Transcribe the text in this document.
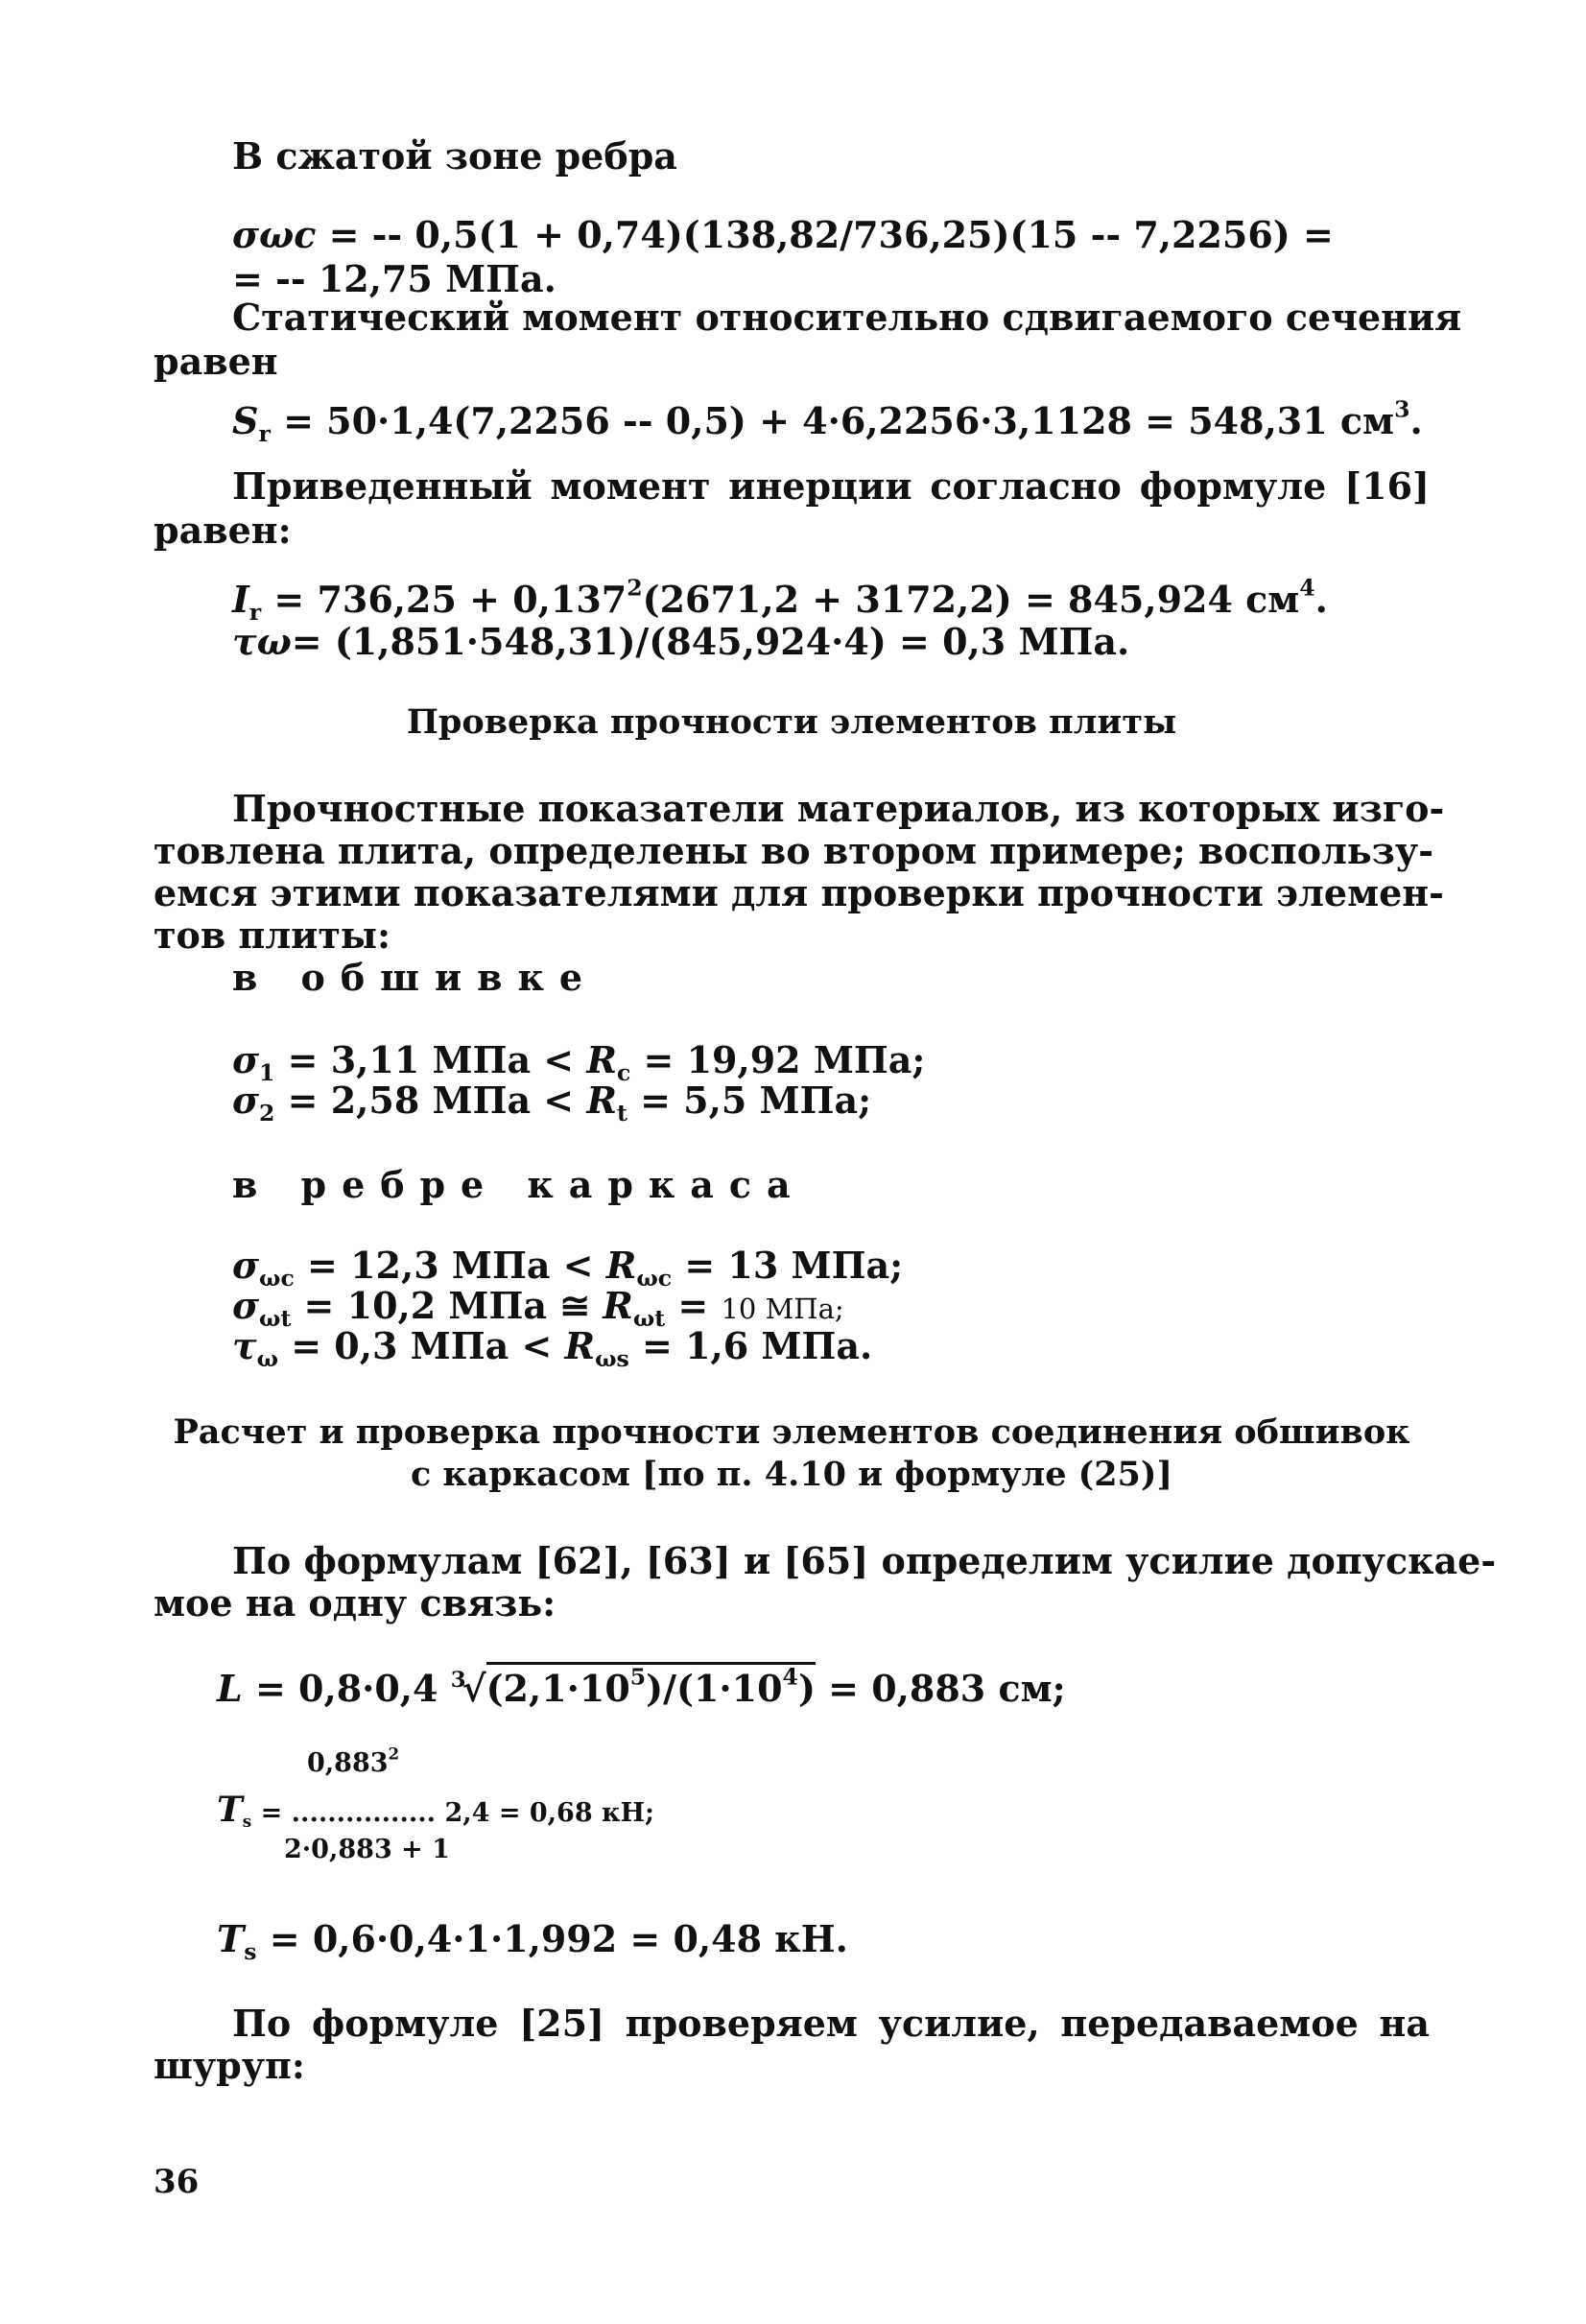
В сжатой зоне ребра
σωс = -- 0,5(1 + 0,74)(138,82/736,25)(15 -- 7,2256) =
= -- 12,75 МПа.
Статический момент относительно сдвигаемого сечения
равен
$S_r = 50\cdot 1,4(7,2256 -- 0,5) + 4\cdot 6,2256\cdot 3,1128 = 548,31$ $см^3$.
Приведенный момент инерции согласно формуле [16]
равен:
$I_r = 736,25 + 0,137^2(2671,2 + 3172,2) = 845,924$ $см^4$.
τω= (1,851·548,31)/(845,924·4) = 0,3 МПа.
Проверка прочности элементов плиты
Прочностные показатели материалов, из которых изго-
товлена плита, определены во втором примере; воспользу-
емся этими показателями для проверки прочности элемен-
тов плиты:
в обшивке
$\sigma_1 = 3,11$ МПа < $R_c = 19,92$ МПа;
$\sigma_2 = 2,58$ МПа < $R_t = 5,5$ МПа;
в ребре каркаса
$\sigma_{\omega с} = 12,3$ МПа < $R_{\omega с} = 13$ МПа;
$\sigma_{\omega t} = 10,2$ МПа ≅ $R_{\omega t} = 10$ МПа;
$\tau_\omega = 0,3$ МПа < $R_{\omega s} = 1,6$ МПа.
Расчет и проверка прочности элементов соединения обшивок
с каркасом [по п. 4.10 и формуле (25)]
По формулам [62], [63] и [65] определим усилие допускае-
мое на одну связь:
L = 0,8·0,4 $^3√(2,1\cdot 10^5)/(1\cdot 10^4) = 0,883$ см;
0,883$^2$
$T_s$ = ................ 2,4 = 0,68 кН;
2·0,883 + 1
$T_s = 0,6\cdot 0,4\cdot 1\cdot 1,992 = 0,48$ кН.
По формуле [25] проверяем усилие, передаваемое на
шуруп:
36
